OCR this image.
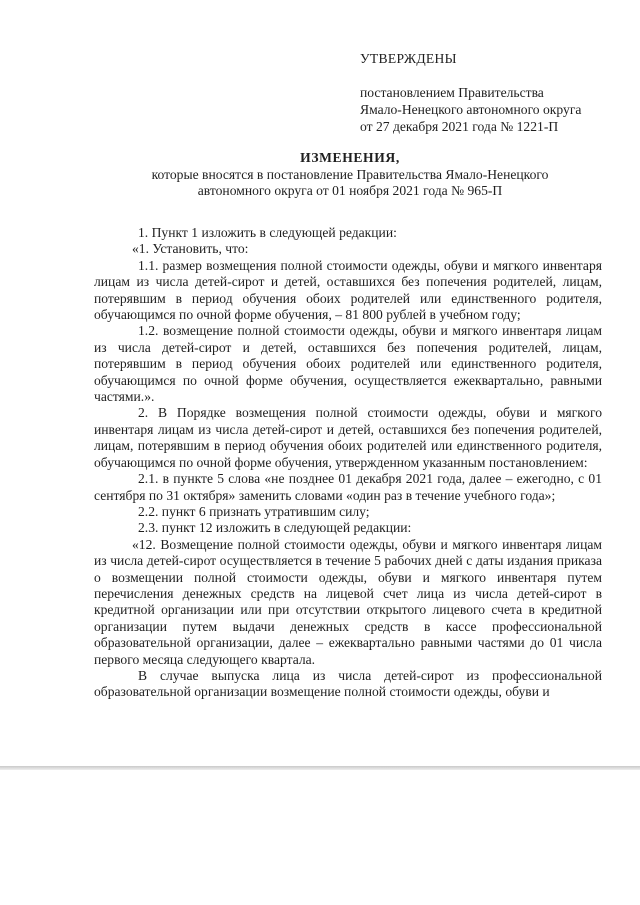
УТВЕРЖДЕНЫ
постановлением Правительства
Ямало-Ненецкого автономного округа
от 27 декабря 2021 года № 1221-П
ИЗМЕНЕНИЯ,
которые вносятся в постановление Правительства Ямало-Ненецкого
автономного округа от 01 ноября 2021 года № 965-П

1. Пункт 1 изложить в следующей редакции:

«1. Установить, что:

1.1. размер возмещения полной стоимости одежды, обуви и мягкого инвентаря лицам из числа детей-сирот и детей, оставшихся без попечения родителей, лицам, потерявшим в период обучения обоих родителей или единственного родителя, обучающимся по очной форме обучения, – 81 800 рублей в учебном году;

1.2. возмещение полной стоимости одежды, обуви и мягкого инвентаря лицам из числа детей-сирот и детей, оставшихся без попечения родителей, лицам, потерявшим в период обучения обоих родителей или единственного родителя, обучающимся по очной форме обучения, осуществляется ежеквартально, равными частями.».

2. В Порядке возмещения полной стоимости одежды, обуви и мягкого инвентаря лицам из числа детей-сирот и детей, оставшихся без попечения родителей, лицам, потерявшим в период обучения обоих родителей или единственного родителя, обучающимся по очной форме обучения, утвержденном указанным постановлением:

2.1. в пункте 5 слова «не позднее 01 декабря 2021 года, далее – ежегодно, с 01 сентября по 31 октября» заменить словами «один раз в течение учебного года»;

2.2. пункт 6 признать утратившим силу;

2.3. пункт 12 изложить в следующей редакции:

«12. Возмещение полной стоимости одежды, обуви и мягкого инвентаря лицам из числа детей-сирот осуществляется в течение 5 рабочих дней с даты издания приказа о возмещении полной стоимости одежды, обуви и мягкого инвентаря путем перечисления денежных средств на лицевой счет лица из числа детей-сирот в кредитной организации или при отсутствии открытого лицевого счета в кредитной организации путем выдачи денежных средств в кассе профессиональной образовательной организации, далее – ежеквартально равными частями до 01 числа первого месяца следующего квартала.

В случае выпуска лица из числа детей-сирот из профессиональной образовательной организации возмещение полной стоимости одежды, обуви и
